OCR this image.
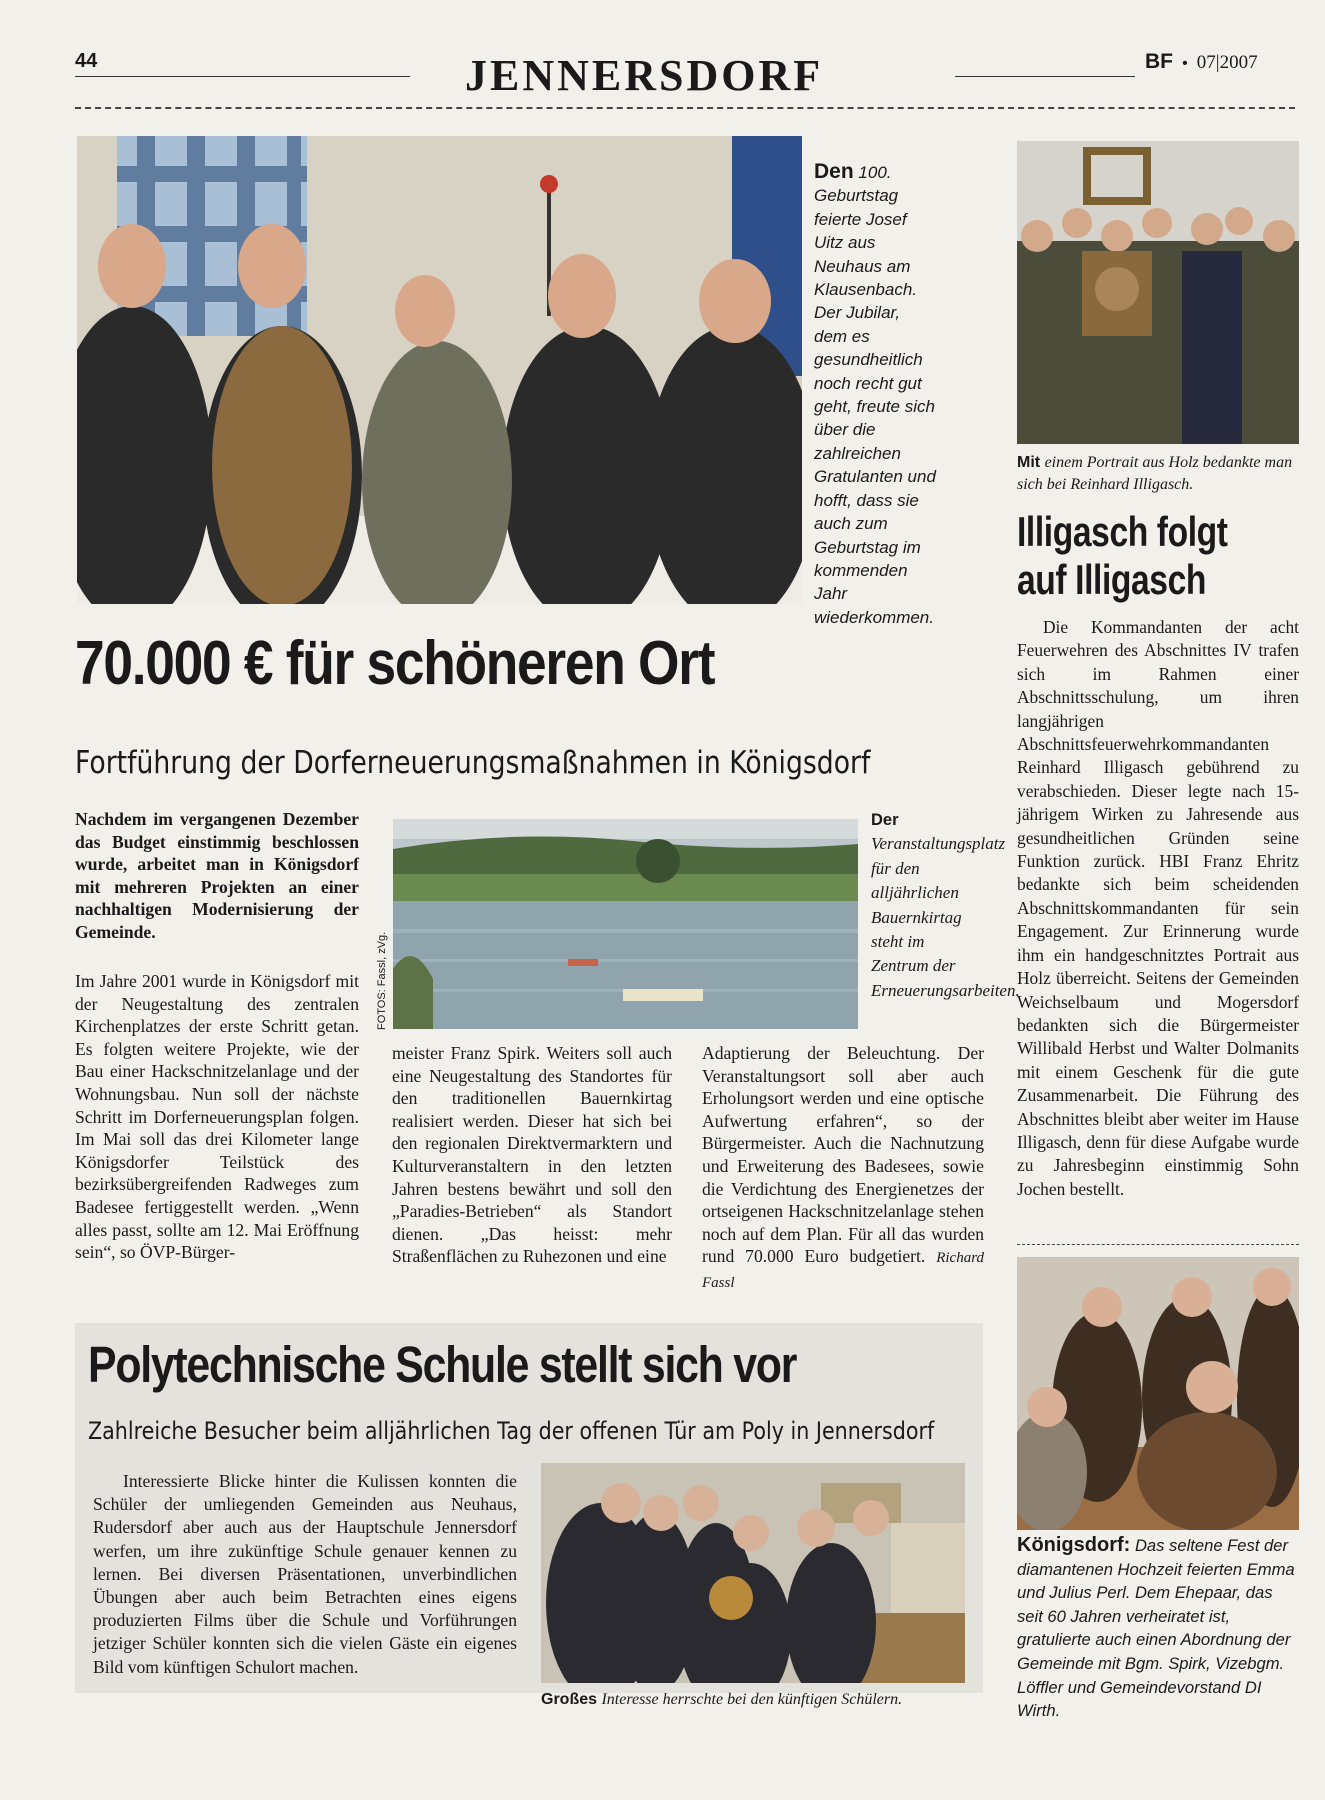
44	JENNERSDORF	BF • 07|2007
Den 100. Geburtstag feierte Josef Uitz aus Neuhaus am Klausenbach. Der Jubilar, dem es gesundheitlich noch recht gut geht, freute sich über die zahlreichen Gratulanten und hofft, dass sie auch zum Geburtstag im kommenden Jahr wiederkommen.
70.000 € für schöneren Ort
Fortführung der Dorferneuerungsmaßnahmen in Königsdorf
Nachdem im vergangenen Dezember das Budget einstimmig beschlossen wurde, arbeitet man in Königsdorf mit mehreren Projekten an einer nachhaltigen Modernisierung der Gemeinde.
Im Jahre 2001 wurde in Königsdorf mit der Neugestaltung des zentralen Kirchenplatzes der erste Schritt getan. Es folgten weitere Projekte, wie der Bau einer Hackschnitzelanlage und der Wohnungsbau. Nun soll der nächste Schritt im Dorferneuerungsplan folgen. Im Mai soll das drei Kilometer lange Königsdorfer Teilstück des bezirksübergreifenden Radweges zum Badesee fertiggestellt werden. „Wenn alles passt, sollte am 12. Mai Eröffnung sein“, so ÖVP-Bürger-
FOTOS: Fassl, zVg.
Der Veranstaltungsplatz für den alljährlichen Bauernkirtag steht im Zentrum der Erneuerungsarbeiten.
meister Franz Spirk. Weiters soll auch eine Neugestaltung des Standortes für den traditionellen Bauernkirtag realisiert werden. Dieser hat sich bei den regionalen Direktvermarktern und Kulturveranstaltern in den letzten Jahren bestens bewährt und soll den „Paradies-Betrieben“ als Standort dienen. „Das heisst: mehr Straßenflächen zu Ruhezonen und eine
Adaptierung der Beleuchtung. Der Veranstaltungsort soll aber auch Erholungsort werden und eine optische Aufwertung erfahren“, so der Bürgermeister. Auch die Nachnutzung und Erweiterung des Badesees, sowie die Verdichtung des Energienetzes der ortseigenen Hackschnitzelanlage stehen noch auf dem Plan. Für all das wurden rund 70.000 Euro budgetiert. Richard Fassl
Mit einem Portrait aus Holz bedankte man sich bei Reinhard Illigasch.
Illigasch folgt
auf Illigasch
Die Kommandanten der acht Feuerwehren des Abschnittes IV trafen sich im Rahmen einer Abschnittsschulung, um ihren langjährigen Abschnittsfeuerwehrkommandanten Reinhard Illigasch gebührend zu verabschieden. Dieser legte nach 15-jährigem Wirken zu Jahresende aus gesundheitlichen Gründen seine Funktion zurück. HBI Franz Ehritz bedankte sich beim scheidenden Abschnittskommandanten für sein Engagement. Zur Erinnerung wurde ihm ein handgeschnitztes Portrait aus Holz überreicht. Seitens der Gemeinden Weichselbaum und Mogersdorf bedankten sich die Bürgermeister Willibald Herbst und Walter Dolmanits mit einem Geschenk für die gute Zusammenarbeit. Die Führung des Abschnittes bleibt aber weiter im Hause Illigasch, denn für diese Aufgabe wurde zu Jahresbeginn einstimmig Sohn Jochen bestellt.
Polytechnische Schule stellt sich vor
Zahlreiche Besucher beim alljährlichen Tag der offenen Tür am Poly in Jennersdorf
Interessierte Blicke hinter die Kulissen konnten die Schüler der umliegenden Gemeinden aus Neuhaus, Rudersdorf aber auch aus der Hauptschule Jennersdorf werfen, um ihre zukünftige Schule genauer kennen zu lernen. Bei diversen Präsentationen, unverbindlichen Übungen aber auch beim Betrachten eines eigens produzierten Films über die Schule und Vorführungen jetziger Schüler konnten sich die vielen Gäste ein eigenes Bild vom künftigen Schulort machen.
Großes Interesse herrschte bei den künftigen Schülern.
Königsdorf: Das seltene Fest der diamantenen Hochzeit feierten Emma und Julius Perl. Dem Ehepaar, das seit 60 Jahren verheiratet ist, gratulierte auch einen Abordnung der Gemeinde mit Bgm. Spirk, Vizebgm. Löffler und Gemeindevorstand DI Wirth.
